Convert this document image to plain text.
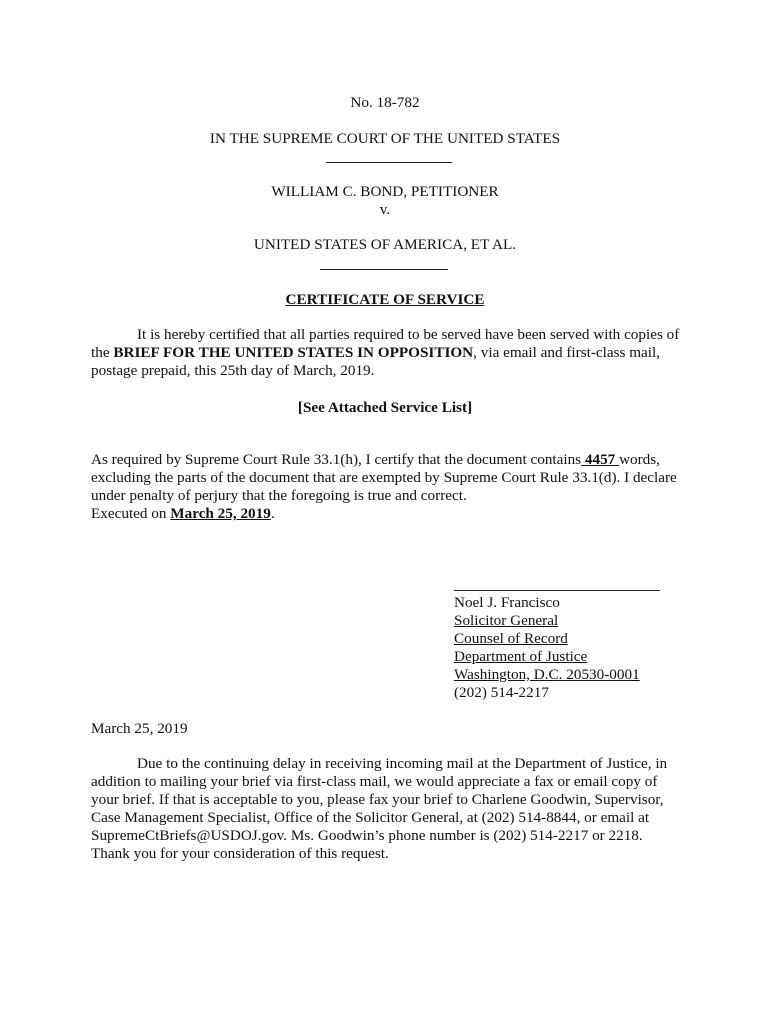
No. 18-782
IN THE SUPREME COURT OF THE UNITED STATES
WILLIAM C. BOND, PETITIONER
v.
UNITED STATES OF AMERICA, ET AL.
CERTIFICATE OF SERVICE
It is hereby certified that all parties required to be served have been served with copies of
the BRIEF FOR THE UNITED STATES IN OPPOSITION, via email and first-class mail,
postage prepaid, this 25th day of March, 2019.
[See Attached Service List]
As required by Supreme Court Rule 33.1(h), I certify that the document contains 4457 words,
excluding the parts of the document that are exempted by Supreme Court Rule 33.1(d). I declare
under penalty of perjury that the foregoing is true and correct.
Executed on March 25, 2019.
Noel J. Francisco
Solicitor General
Counsel of Record
Department of Justice
Washington, D.C. 20530-0001
(202) 514-2217
March 25, 2019
Due to the continuing delay in receiving incoming mail at the Department of Justice, in
addition to mailing your brief via first-class mail, we would appreciate a fax or email copy of
your brief. If that is acceptable to you, please fax your brief to Charlene Goodwin, Supervisor,
Case Management Specialist, Office of the Solicitor General, at (202) 514-8844, or email at
SupremeCtBriefs@USDOJ.gov. Ms. Goodwin’s phone number is (202) 514-2217 or 2218.
Thank you for your consideration of this request.
